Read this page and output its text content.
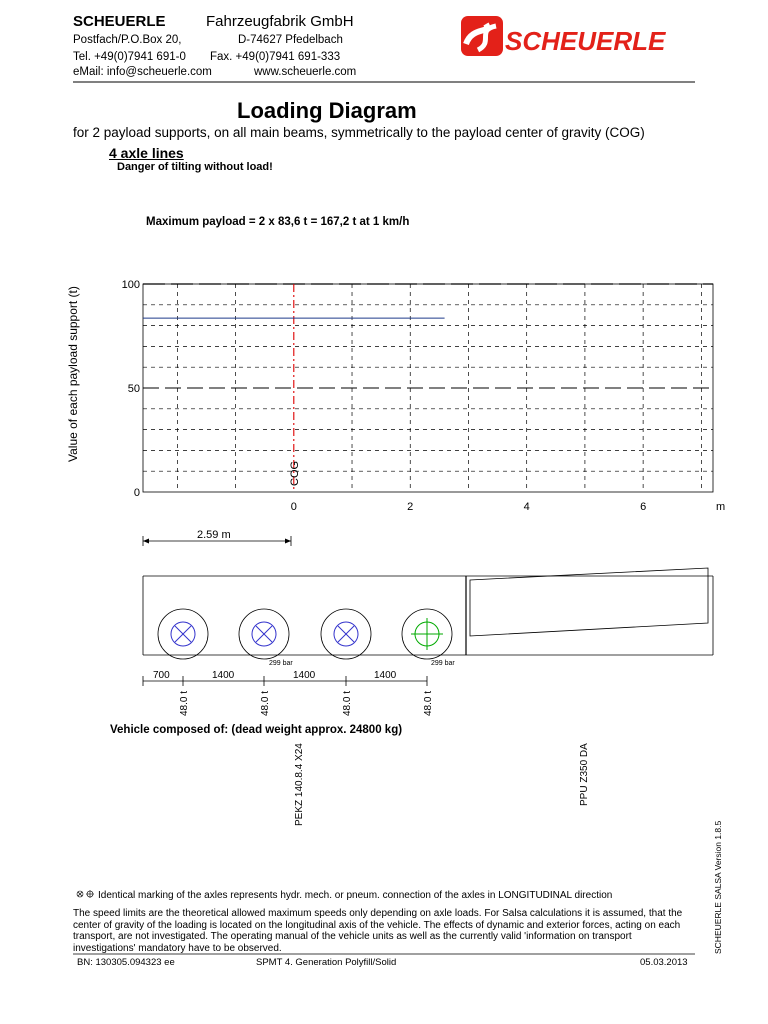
SCHEUERLE	Fahrzeugfabrik GmbH
Postfach/P.O.Box 20,	D-74627 Pfedelbach
Tel. +49(0)7941 691-0 Fax. +49(0)7941 691-333
eMail: info@scheuerle.com	www.scheuerle.com
SCHEUERLE
Loading Diagram
for 2 payload supports, on all main beams, symmetrically to the payload center of gravity (COG)
4 axle lines
Danger of tilting without load!
Maximum payload = 2 x 83,6 t = 167,2 t at 1 km/h
Value of each payload support (t)
COG
100
50
0
0	2	4	6	m
2.59 m
299 bar	299 bar
700	1400	1400	1400
48.0 t	48.0 t	48.0 t	48.0 t
PEKZ 140.8.4 X24	PPU Z350 DA
Vehicle composed of: (dead weight approx. 24800 kg)
Identical marking of the axles represents hydr. mech. or pneum. connection of the axles in LONGITUDINAL direction
The speed limits are the theoretical allowed maximum speeds only depending on axle loads. For Salsa calculations it is assumed, that the center of gravity of the loading is located on the longitudinal axis of the vehicle. The effects of dynamic and exterior forces, acting on each transport, are not investigated. The operating manual of the vehicle units as well as the currently valid 'information on transport investigations' mandatory have to be observed.	SCHEUERLE SALSA Version 1.8.5
BN: 130305.094323 ee	SPMT 4. Generation Polyfill/Solid	05.03.2013
